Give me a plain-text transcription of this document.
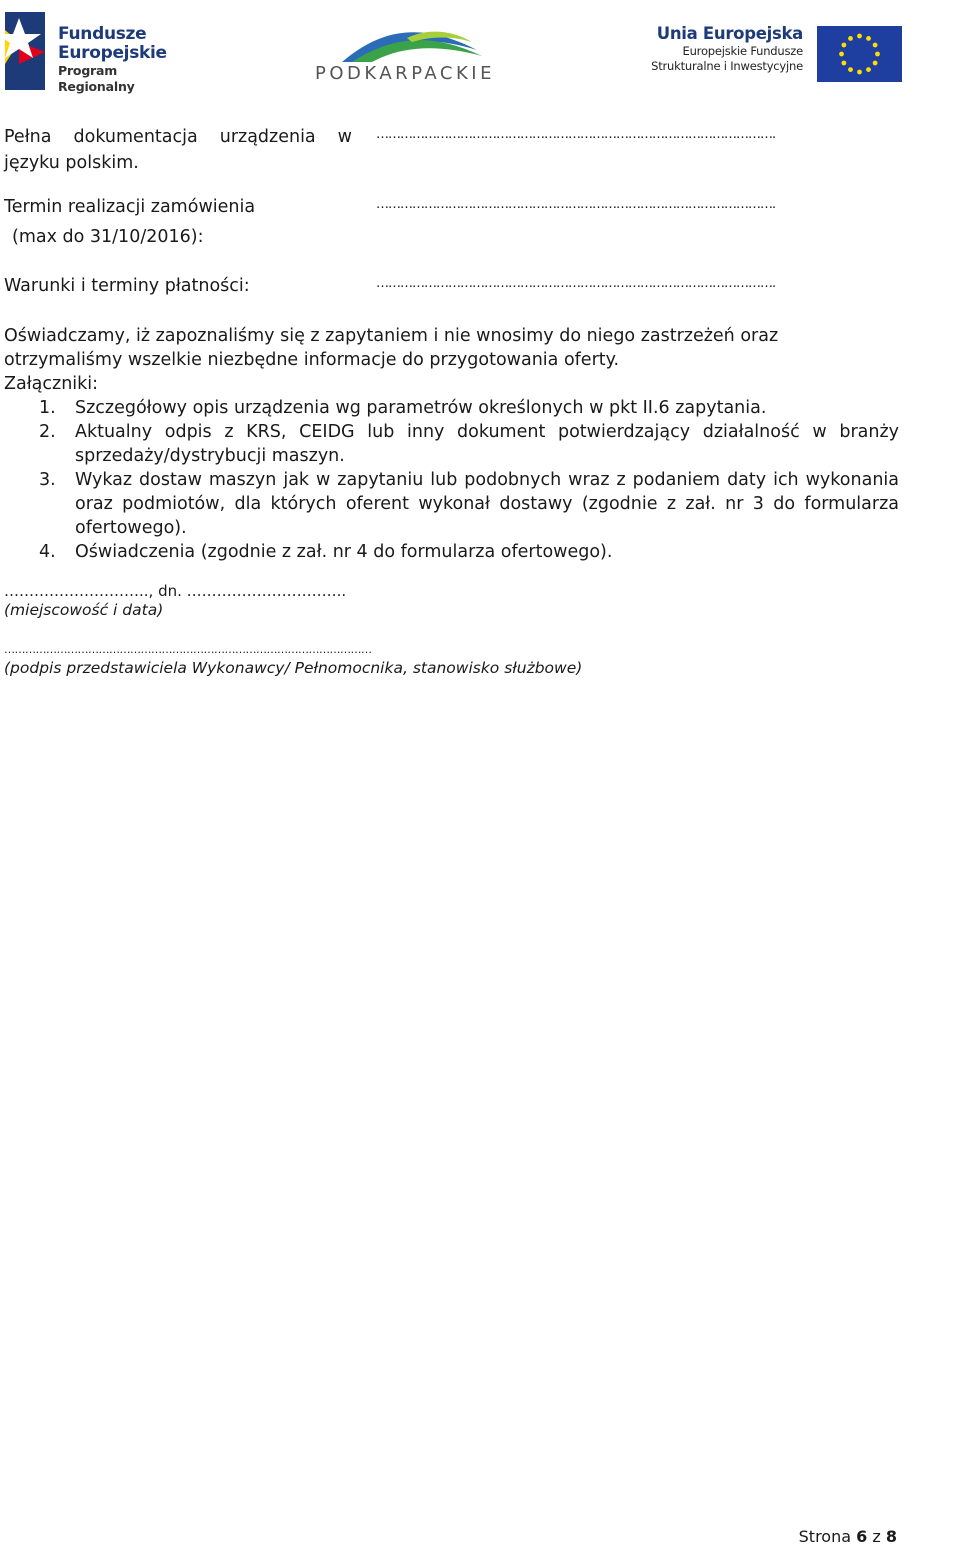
Fundusze
Europejskie
Program Regionalny
PODKARPACKIE
Unia Europejska
Europejskie Fundusze
Strukturalne i Inwestycyjne
Pełna dokumentacja urządzenia w języku polskim.
……………………………………………………………………………………….
Termin realizacji zamówienia
(max do 31/10/2016):
……………………………………………………………………………………….
Warunki i terminy płatności:	……………………………………………………………………………………….
Oświadczamy, iż zapoznaliśmy się z zapytaniem i nie wnosimy do niego zastrzeżeń oraz otrzymaliśmy wszelkie niezbędne informacje do przygotowania oferty.
Załączniki:
1. Szczegółowy opis urządzenia wg parametrów określonych w pkt II.6 zapytania.
2. Aktualny odpis z KRS, CEIDG lub inny dokument potwierdzający działalność w branży sprzedaży/dystrybucji maszyn.
3. Wykaz dostaw maszyn jak w zapytaniu lub podobnych wraz z podaniem daty ich wykonania oraz podmiotów, dla których oferent wykonał dostawy (zgodnie z zał. nr 3 do formularza ofertowego).
4. Oświadczenia (zgodnie z zał. nr 4 do formularza ofertowego).
……………………….., dn. …………………………..
(miejscowość i data)
……………………………………………………………………………………………
(podpis przedstawiciela Wykonawcy/ Pełnomocnika, stanowisko służbowe)
Strona 6 z 8
